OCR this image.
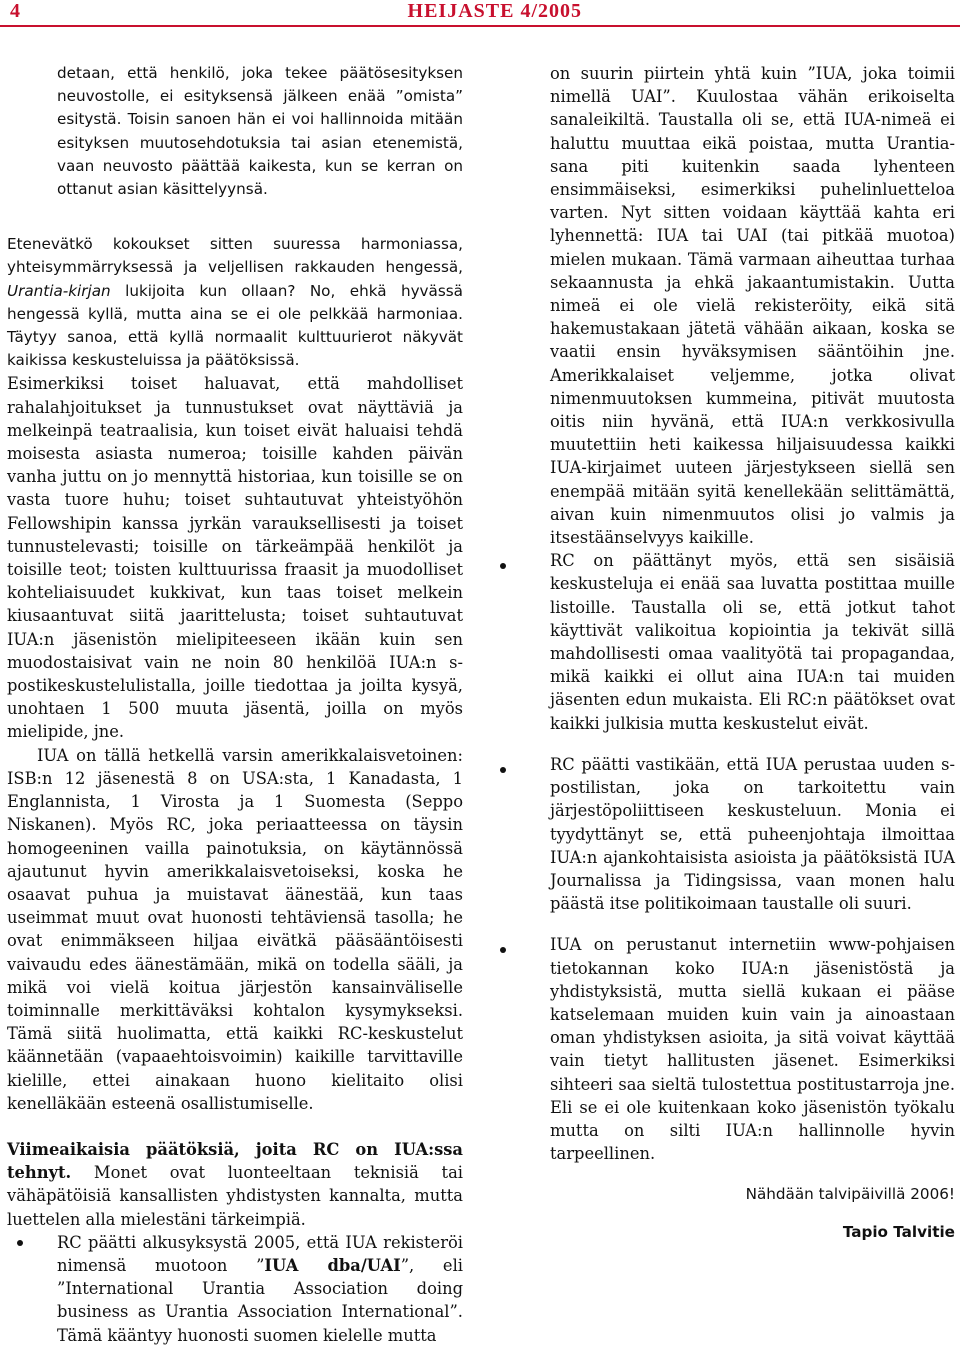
4	HEIJASTE 4/2005

detaan, että henkilö, joka tekee päätösesityksen neuvostolle, ei esityksensä jälkeen enää ”omista” esitystä. Toisin sanoen hän ei voi hallinnoida mitään esityksen muutosehdotuksia tai asian etenemistä, vaan neuvosto päättää kaikesta, kun se kerran on ottanut asian käsittelyynsä.

Etenevätkö kokoukset sitten suuressa harmoniassa, yhteisymmärryksessä ja veljellisen rakkauden hengessä, Urantia-kirjan lukijoita kun ollaan? No, ehkä hyvässä hengessä kyllä, mutta aina se ei ole pelkkää harmoniaa. Täytyy sanoa, että kyllä normaalit kulttuurierot näkyvät kaikissa keskusteluissa ja päätöksissä.

Esimerkiksi toiset haluavat, että mahdolliset rahalahjoitukset ja tunnustukset ovat näyttäviä ja melkeinpä teatraalisia, kun toiset eivät haluaisi tehdä moisesta asiasta numeroa; toisille kahden päivän vanha juttu on jo mennyttä historiaa, kun toisille se on vasta tuore huhu; toiset suhtautuvat yhteistyöhön Fellowshipin kanssa jyrkän varauksellisesti ja toiset tunnustelevasti; toisille on tärkeämpää henkilöt ja toisille teot; toisten kulttuurissa fraasit ja muodolliset kohteliaisuudet kukkivat, kun taas toiset melkein kiusaantuvat siitä jaarittelusta; toiset suhtautuvat IUA:n jäsenistön mielipiteeseen ikään kuin sen muodostaisivat vain ne noin 80 henkilöä IUA:n s-postikeskustelulistalla, joille tiedottaa ja joilta kysyä, unohtaen 1 500 muuta jäsentä, joilla on myös mielipide, jne.

IUA on tällä hetkellä varsin amerikkalaisvetoinen: ISB:n 12 jäsenestä 8 on USA:sta, 1 Kanadasta, 1 Englannista, 1 Virosta ja 1 Suomesta (Seppo Niskanen). Myös RC, joka periaatteessa on täysin homogeeninen vailla painotuksia, on käytännössä ajautunut hyvin amerikkalaisvetoiseksi, koska he osaavat puhua ja muistavat äänestää, kun taas useimmat muut ovat huonosti tehtäviensä tasolla; he ovat enimmäkseen hiljaa eivätkä pääsääntöisesti vaivaudu edes äänestämään, mikä on todella sääli, ja mikä voi vielä koitua järjestön kansainväliselle toiminnalle merkittäväksi kohtalon kysymykseksi. Tämä siitä huolimatta, että kaikki RC-keskustelut käännetään (vapaaehtoisvoimin) kaikille tarvittaville kielille, ettei ainakaan huono kielitaito olisi kenelläkään esteenä osallistumiselle.

Viimeaikaisia päätöksiä, joita RC on IUA:ssa tehnyt. Monet ovat luonteeltaan teknisiä tai vähäpätöisiä kansallisten yhdistysten kannalta, mutta luettelen alla mielestäni tärkeimpiä.

RC päätti alkusyksystä 2005, että IUA rekisteröi nimensä muotoon ”IUA dba/UAI”, eli ”International Urantia Association doing business as Urantia Association International”. Tämä kääntyy huonosti suomen kielelle mutta

on suurin piirtein yhtä kuin ”IUA, joka toimii nimellä UAI”. Kuulostaa vähän erikoiselta sanaleikiltä. Taustalla oli se, että IUA-nimeä ei haluttu muuttaa eikä poistaa, mutta Urantia-sana piti kuitenkin saada lyhenteen ensimmäiseksi, esimerkiksi puhelinluetteloa varten. Nyt sitten voidaan käyttää kahta eri lyhennettä: IUA tai UAI (tai pitkää muotoa) mielen mukaan. Tämä varmaan aiheuttaa turhaa sekaannusta ja ehkä jakaantumistakin. Uutta nimeä ei ole vielä rekisteröity, eikä sitä hakemustakaan jätetä vähään aikaan, koska se vaatii ensin hyväksymisen sääntöihin jne. Amerikkalaiset veljemme, jotka olivat nimenmuutoksen kummeina, pitivät muutosta oitis niin hyvänä, että IUA:n verkkosivulla muutettiin heti kaikessa hiljaisuudessa kaikki IUA-kirjaimet uuteen järjestykseen siellä sen enempää mitään syitä kenellekään selittämättä, aivan kuin nimenmuutos olisi jo valmis ja itsestäänselvyys kaikille.

RC on päättänyt myös, että sen sisäisiä keskusteluja ei enää saa luvatta postittaa muille listoille. Taustalla oli se, että jotkut tahot käyttivät valikoitua kopiointia ja tekivät sillä mahdollisesti omaa vaalityötä tai propagandaa, mikä kaikki ei ollut aina IUA:n tai muiden jäsenten edun mukaista. Eli RC:n päätökset ovat kaikki julkisia mutta keskustelut eivät.
RC päätti vastikään, että IUA perustaa uuden s-postilistan, joka on tarkoitettu vain järjestöpoliittiseen keskusteluun. Monia ei tyydyttänyt se, että puheenjohtaja ilmoittaa IUA:n ajankohtaisista asioista ja päätöksistä IUA Journalissa ja Tidingsissa, vaan monen halu päästä itse politikoimaan taustalle oli suuri.
IUA on perustanut internetiin www-pohjaisen tietokannan koko IUA:n jäsenistöstä ja yhdistyksistä, mutta siellä kukaan ei pääse katselemaan muiden kuin vain ja ainoastaan oman yhdistyksen asioita, ja sitä voivat käyttää vain tietyt hallitusten jäsenet. Esimerkiksi sihteeri saa sieltä tulostettua postitustarroja jne. Eli se ei ole kuitenkaan koko jäsenistön työkalu mutta on silti IUA:n hallinnolle hyvin tarpeellinen.

Nähdään talvipäivillä 2006!

Tapio Talvitie
